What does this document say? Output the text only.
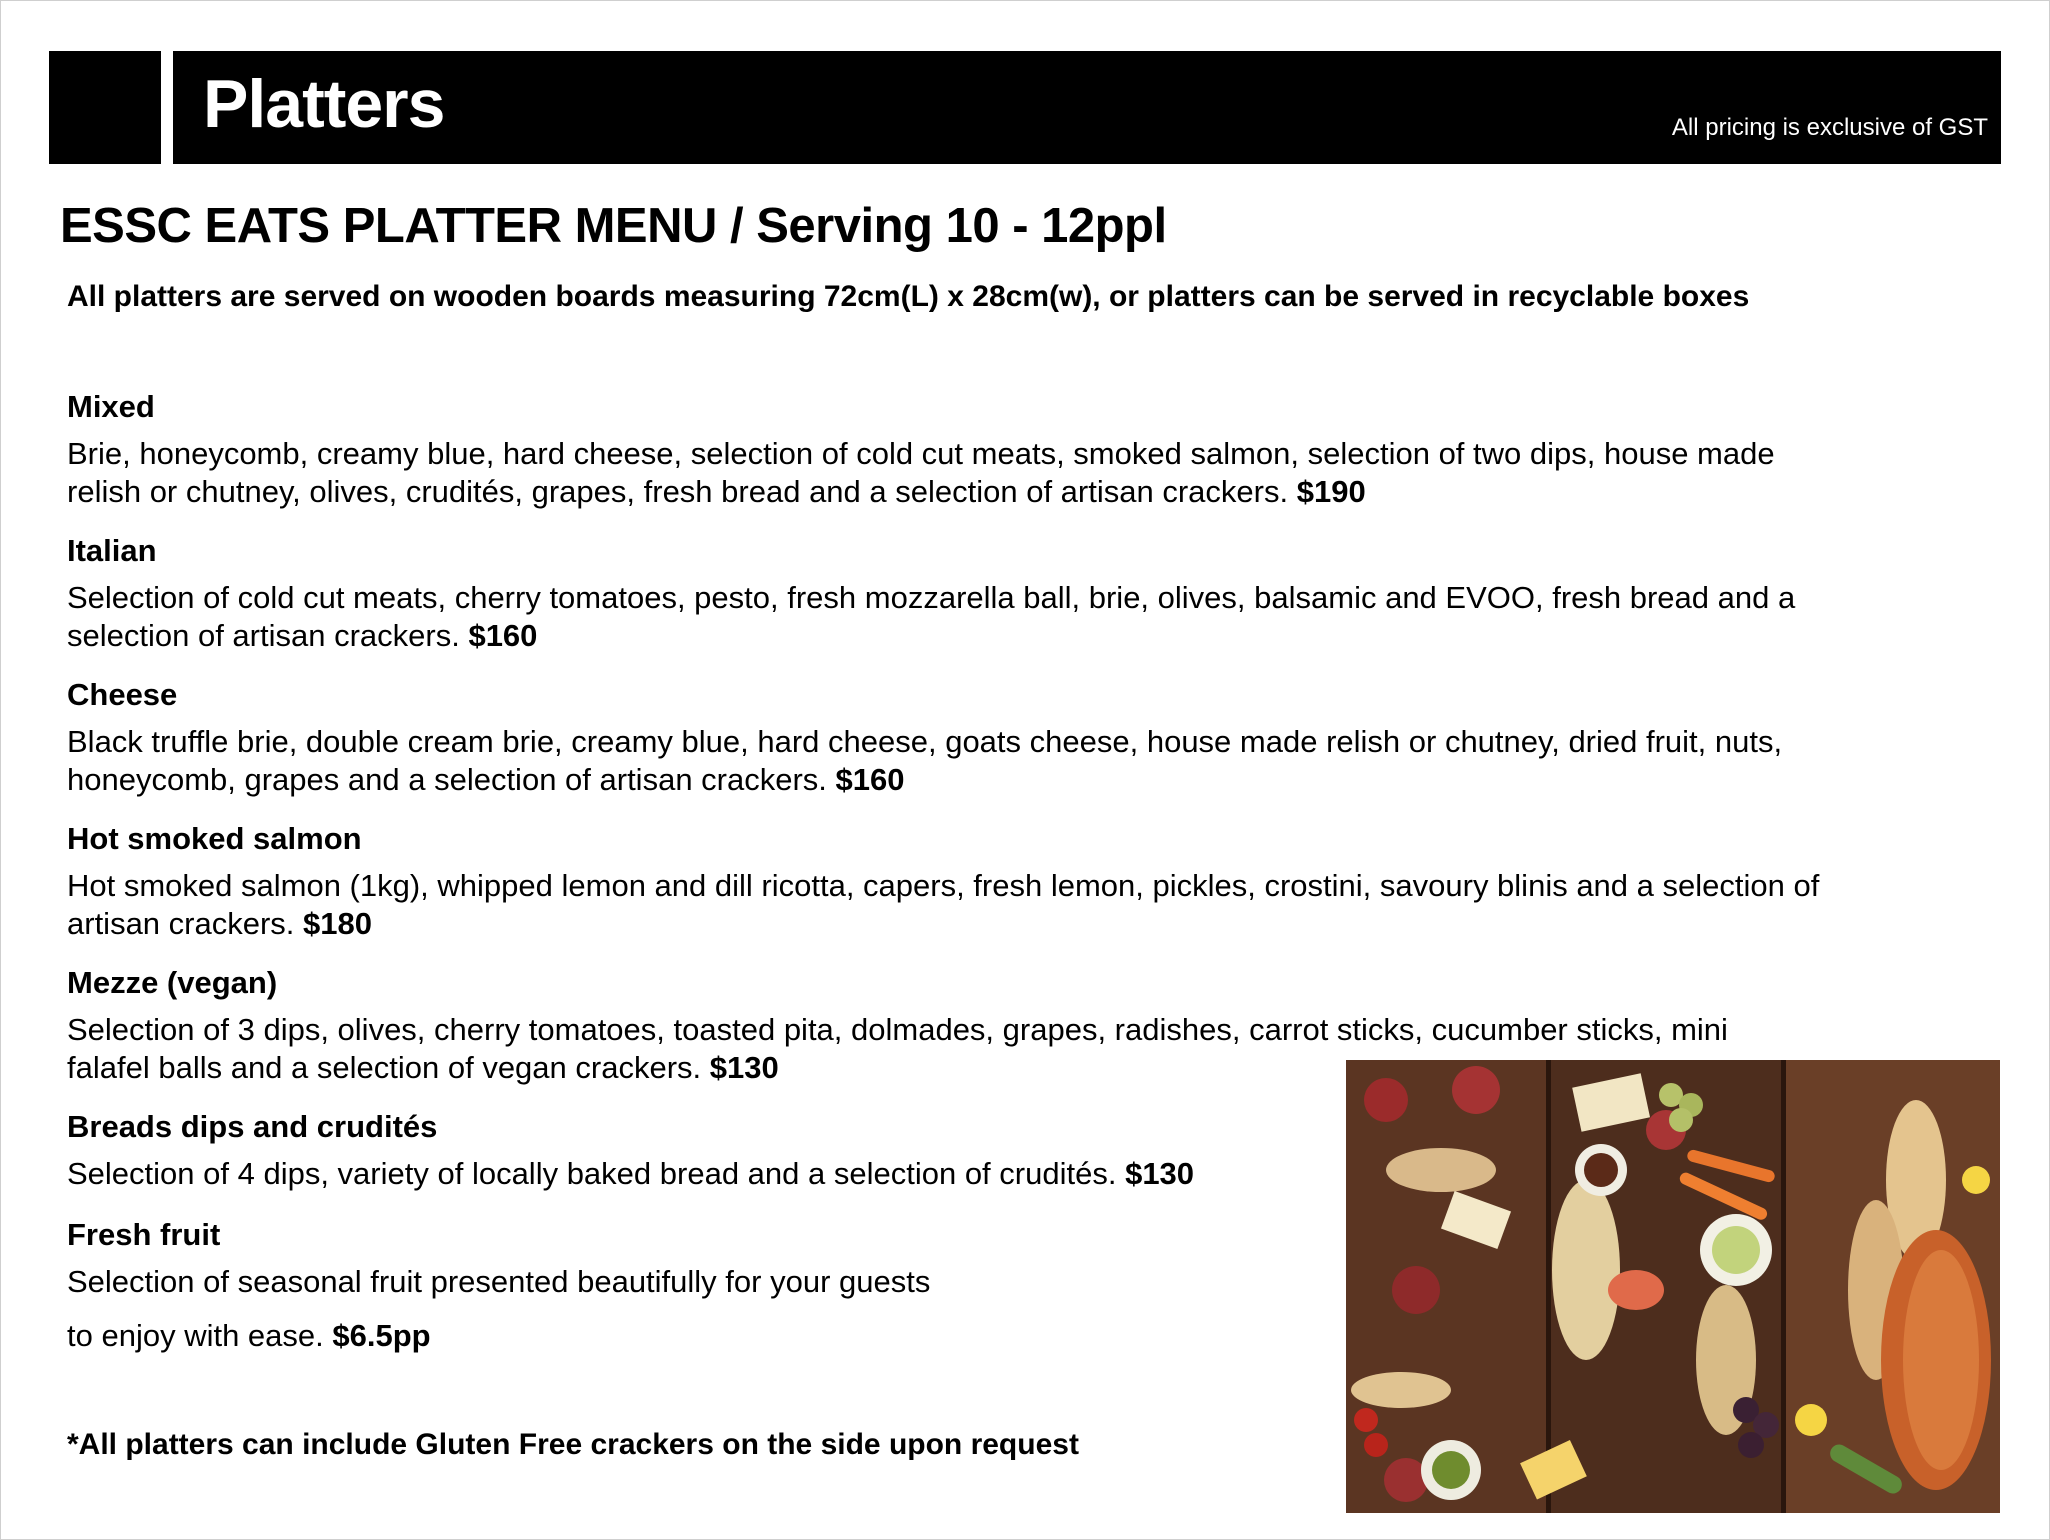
Platters	All pricing is exclusive of GST
ESSC EATS PLATTER MENU / Serving 10 - 12ppl
All platters are served on wooden boards measuring 72cm(L) x 28cm(w), or platters can be served in recyclable boxes
Mixed
Brie, honeycomb, creamy blue, hard cheese, selection of cold cut meats, smoked salmon, selection of two dips, house made
relish or chutney, olives, crudités, grapes, fresh bread and a selection of artisan crackers. $190
Italian
Selection of cold cut meats, cherry tomatoes, pesto, fresh mozzarella ball, brie, olives, balsamic and EVOO, fresh bread and a
selection of artisan crackers. $160
Cheese
Black truffle brie, double cream brie, creamy blue, hard cheese, goats cheese, house made relish or chutney, dried fruit, nuts,
honeycomb, grapes and a selection of artisan crackers. $160
Hot smoked salmon
Hot smoked salmon (1kg), whipped lemon and dill ricotta, capers, fresh lemon, pickles, crostini, savoury blinis and a selection of
artisan crackers. $180
Mezze (vegan)
Selection of 3 dips, olives, cherry tomatoes, toasted pita, dolmades, grapes, radishes, carrot sticks, cucumber sticks, mini
falafel balls and a selection of vegan crackers. $130
Breads dips and crudités
Selection of 4 dips, variety of locally baked bread and a selection of crudités. $130
Fresh fruit
Selection of seasonal fruit presented beautifully for your guests
to enjoy with ease. $6.5pp
*All platters can include Gluten Free crackers on the side upon request
